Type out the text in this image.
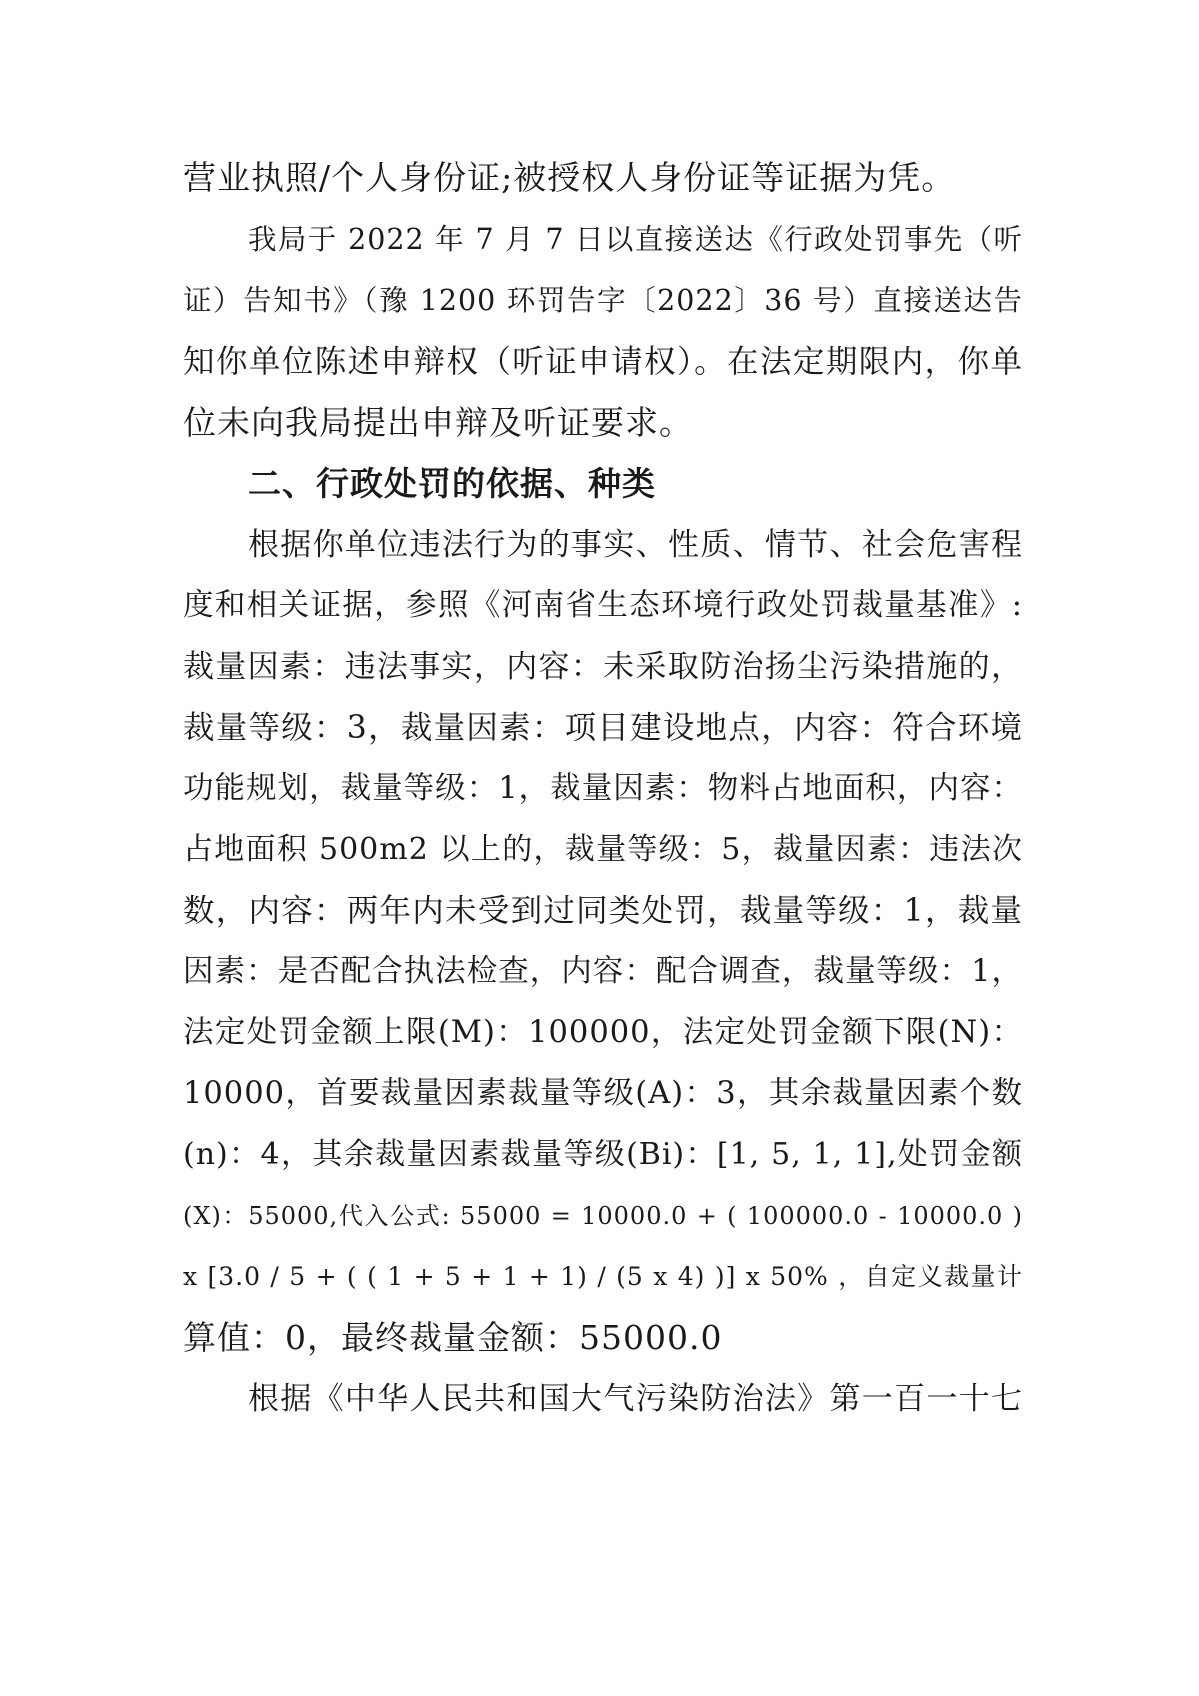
营业执照/个人身份证;被授权人身份证等证据为凭。
我局于 2022 年 7 月 7 日以直接送达《行政处罚事先（听
证）告知书》（豫 1200 环罚告字〔2022〕36 号）直接送达告
知你单位陈述申辩权（听证申请权）。在法定期限内，你单
位未向我局提出申辩及听证要求。
二、行政处罚的依据、种类
根据你单位违法行为的事实、性质、情节、社会危害程
度和相关证据，参照《河南省生态环境行政处罚裁量基准》:
裁量因素：违法事实，内容：未采取防治扬尘污染措施的，
裁量等级：3，裁量因素：项目建设地点，内容：符合环境
功能规划，裁量等级：1，裁量因素：物料占地面积，内容：
占地面积 500m2 以上的，裁量等级：5，裁量因素：违法次
数，内容：两年内未受到过同类处罚，裁量等级：1，裁量
因素：是否配合执法检查，内容：配合调查，裁量等级：1，
法定处罚金额上限(M)：100000，法定处罚金额下限(N)：
10000，首要裁量因素裁量等级(A)：3，其余裁量因素个数
(n)：4，其余裁量因素裁量等级(Bi)：[1, 5, 1, 1],处罚金额
(X)：55000,代入公式: 55000 = 10000.0 + ( 100000.0 - 10000.0 )
x [3.0 / 5 + ( ( 1 + 5 + 1 + 1) / (5 x 4) )] x 50% ，自定义裁量计
算值：0，最终裁量金额：55000.0
根据《中华人民共和国大气污染防治法》第一百一十七
